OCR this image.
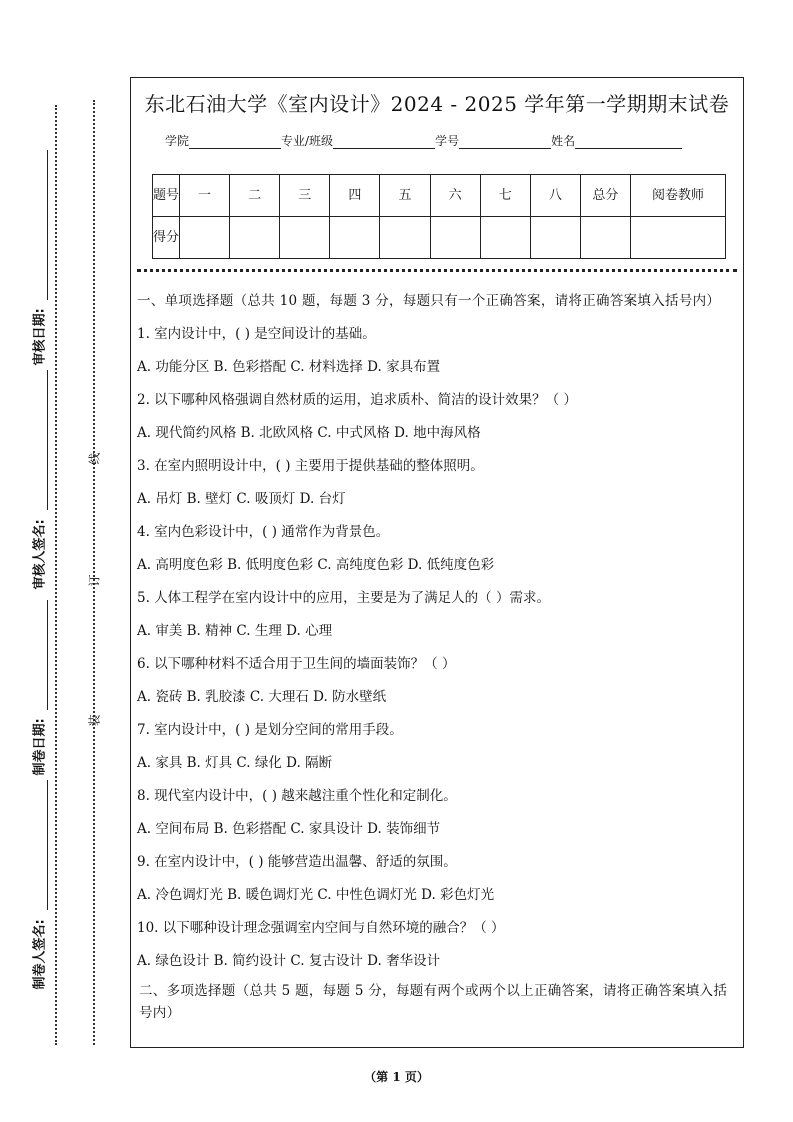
审核日期:
审核人签名:
制卷日期:
制卷人签名:
线
订
装
东北石油大学《室内设计》2024 - 2025 学年第一学期期末试卷
学院	专业/班级	学号	姓名
题号	一	二	三	四	五	六	七	八	总分	阅卷教师
得分										

一、单项选择题（总共 10 题，每题 3 分，每题只有一个正确答案，请将正确答案填入括号内）

1. 室内设计中，( ) 是空间设计的基础。

A. 功能分区 B. 色彩搭配 C. 材料选择 D. 家具布置

2. 以下哪种风格强调自然材质的运用，追求质朴、简洁的设计效果？（ ）

A. 现代简约风格 B. 北欧风格 C. 中式风格 D. 地中海风格

3. 在室内照明设计中，( ) 主要用于提供基础的整体照明。

A. 吊灯 B. 壁灯 C. 吸顶灯 D. 台灯

4. 室内色彩设计中，( ) 通常作为背景色。

A. 高明度色彩 B. 低明度色彩 C. 高纯度色彩 D. 低纯度色彩

5. 人体工程学在室内设计中的应用，主要是为了满足人的（ ）需求。

A. 审美 B. 精神 C. 生理 D. 心理

6. 以下哪种材料不适合用于卫生间的墙面装饰？（ ）

A. 瓷砖 B. 乳胶漆 C. 大理石 D. 防水壁纸

7. 室内设计中，( ) 是划分空间的常用手段。

A. 家具 B. 灯具 C. 绿化 D. 隔断

8. 现代室内设计中，( ) 越来越注重个性化和定制化。

A. 空间布局 B. 色彩搭配 C. 家具设计 D. 装饰细节

9. 在室内设计中，( ) 能够营造出温馨、舒适的氛围。

A. 冷色调灯光 B. 暖色调灯光 C. 中性色调灯光 D. 彩色灯光

10. 以下哪种设计理念强调室内空间与自然环境的融合？（ ）

A. 绿色设计 B. 简约设计 C. 复古设计 D. 奢华设计

二、多项选择题（总共 5 题，每题 5 分，每题有两个或两个以上正确答案，请将正确答案填入括号内）

（第 1 页）
